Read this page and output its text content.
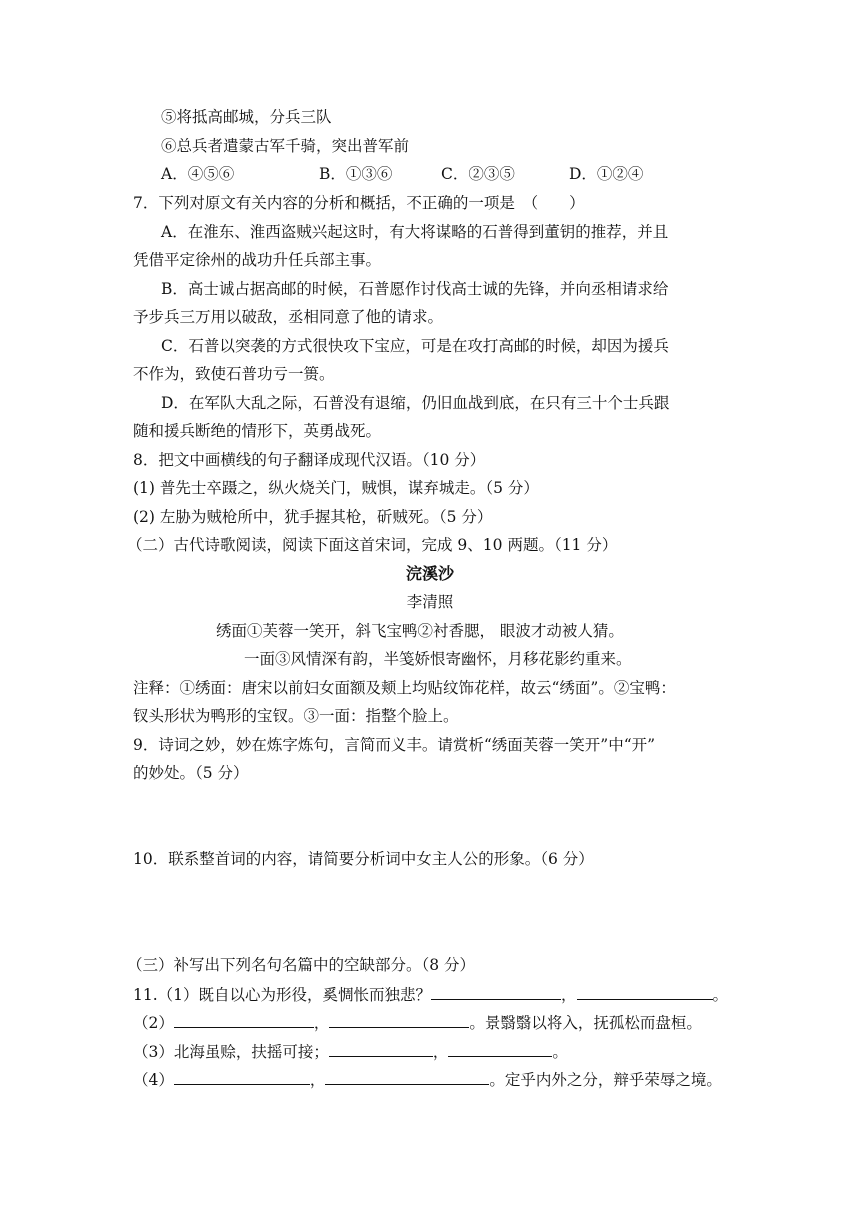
⑤将抵高邮城，分兵三队
⑥总兵者遣蒙古军千骑，突出普军前
A．④⑤⑥	B．①③⑥	C．②③⑤	D．①②④
7．下列对原文有关内容的分析和概括，不正确的一项是　（　　）
A．在淮东、淮西盗贼兴起这时，有大将谋略的石普得到董钥的推荐，并且
凭借平定徐州的战功升任兵部主事。
B．高士诚占据高邮的时候，石普愿作讨伐高士诚的先锋，并向丞相请求给
予步兵三万用以破敌，丞相同意了他的请求。
C．石普以突袭的方式很快攻下宝应，可是在攻打高邮的时候，却因为援兵
不作为，致使石普功亏一篑。
D．在军队大乱之际，石普没有退缩，仍旧血战到底，在只有三十个士兵跟
随和援兵断绝的情形下，英勇战死。
8．把文中画横线的句子翻译成现代汉语。（10 分）
(1) 普先士卒蹑之，纵火烧关门，贼惧，谋弃城走。（5 分）
(2) 左胁为贼枪所中，犹手握其枪，斫贼死。（5 分）
（二）古代诗歌阅读，阅读下面这首宋词，完成 9、10 两题。（11 分）
浣溪沙
李清照
绣面①芙蓉一笑开，斜飞宝鸭②衬香腮， 眼波才动被人猜。
一面③风情深有韵，半笺娇恨寄幽怀，月移花影约重来。
注释：①绣面：唐宋以前妇女面额及颊上均贴纹饰花样，故云“绣面”。②宝鸭：
钗头形状为鸭形的宝钗。③一面：指整个脸上。
9．诗词之妙，妙在炼字炼句，言简而义丰。请赏析“绣面芙蓉一笑开”中“开”
的妙处。（5 分）
10．联系整首词的内容，请简要分析词中女主人公的形象。（6 分）
（三）补写出下列名句名篇中的空缺部分。（8 分）
11.（1）既自以心为形役，奚惆怅而独悲？	，	。
（2）	，	。景翳翳以将入，抚孤松而盘桓。
（3）北海虽赊，扶摇可接；	，	。
（4）	，	。定乎内外之分，辩乎荣辱之境。
